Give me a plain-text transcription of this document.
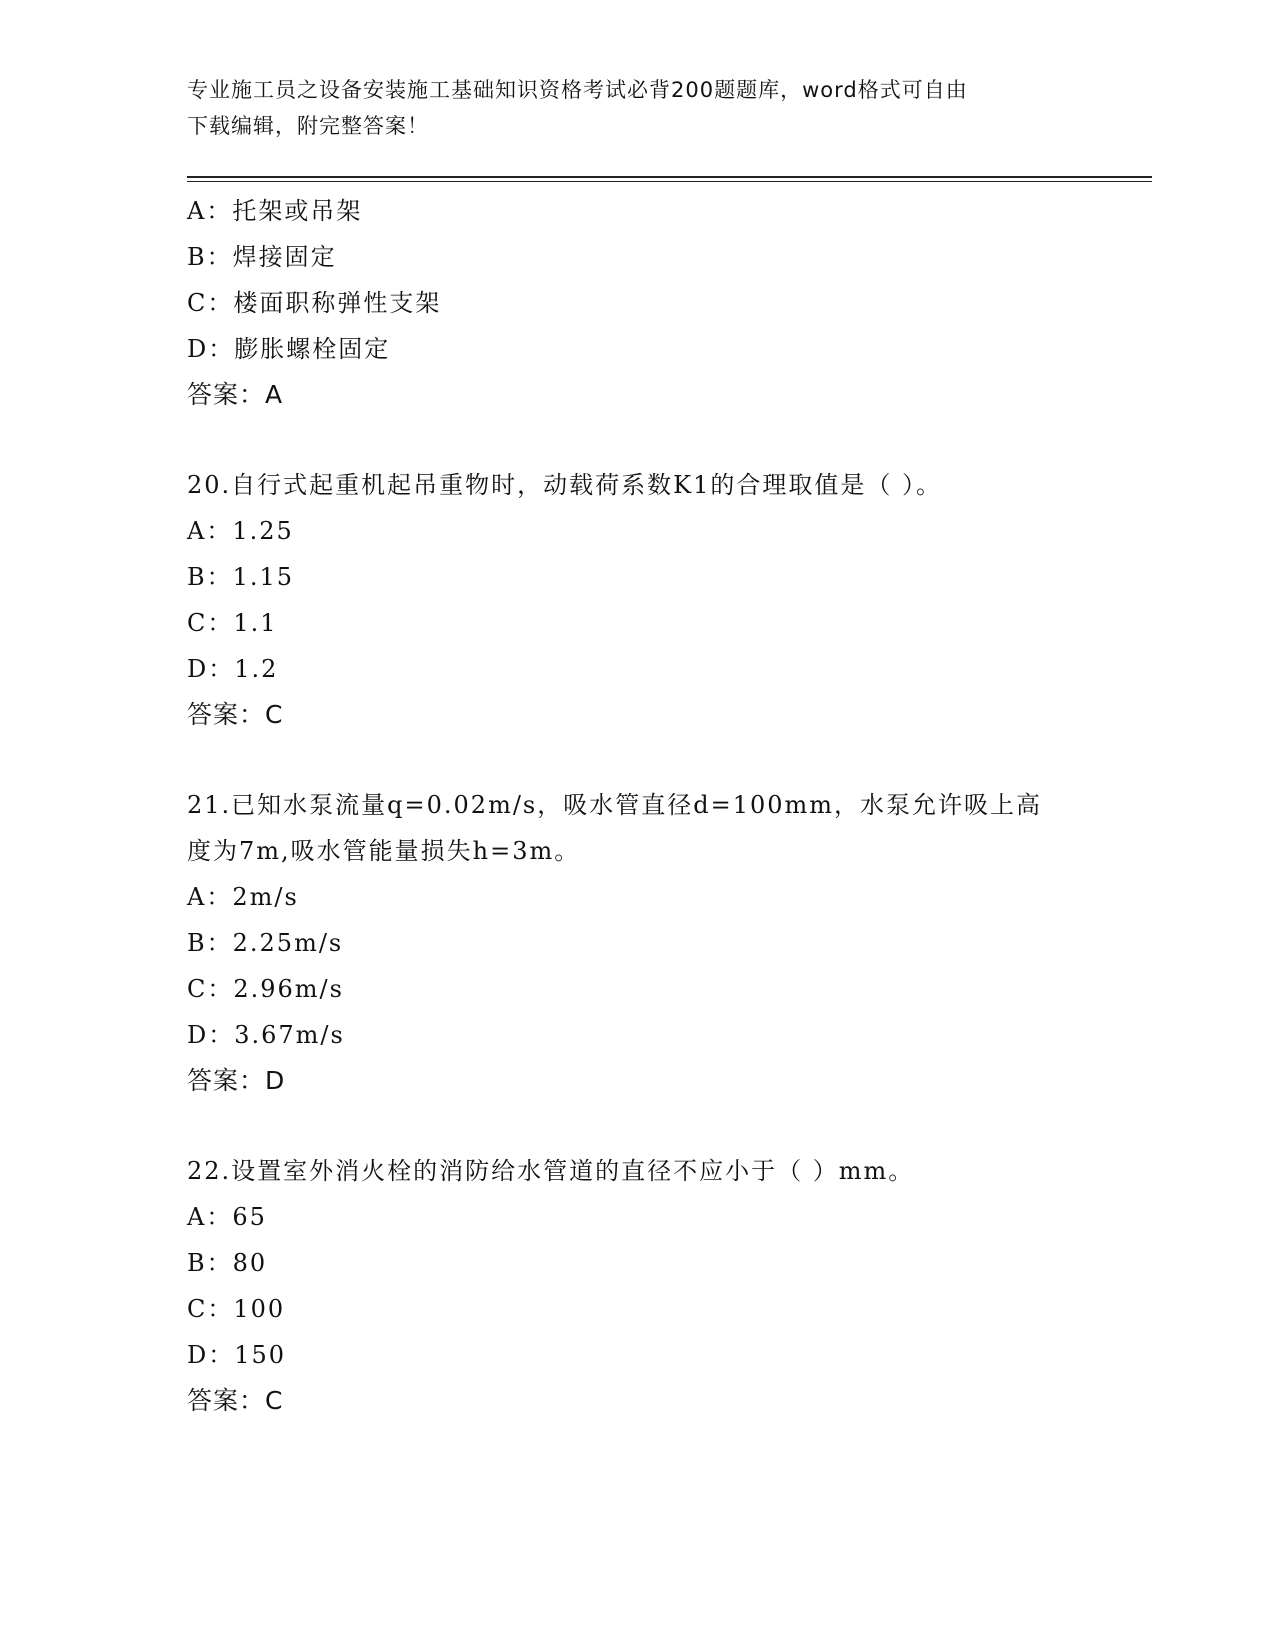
专业施工员之设备安装施工基础知识资格考试必背200题题库，word格式可自由
下载编辑，附完整答案！
A：托架或吊架
B：焊接固定
C：楼面职称弹性支架
D：膨胀螺栓固定
答案：A
20.自行式起重机起吊重物时，动载荷系数K1的合理取值是（ ）。
A：1.25
B：1.15
C：1.1
D：1.2
答案：C
21.已知水泵流量q=0.02m/s，吸水管直径d=100mm，水泵允许吸上高
度为7m,吸水管能量损失h=3m。
A：2m/s
B：2.25m/s
C：2.96m/s
D：3.67m/s
答案：D
22.设置室外消火栓的消防给水管道的直径不应小于（ ）mm。
A：65
B：80
C：100
D：150
答案：C
